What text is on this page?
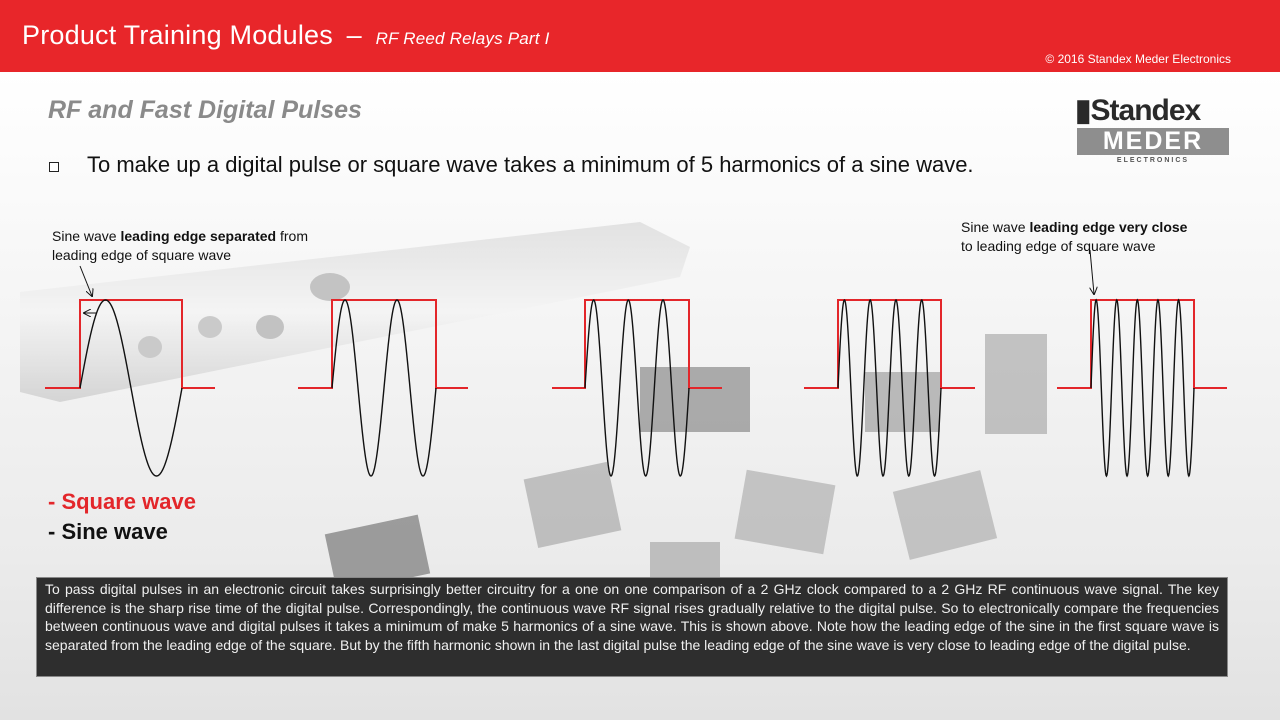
Product Training Modules – RF Reed Relays Part I
© 2016 Standex Meder Electronics
RF and Fast Digital Pulses
To make up a digital pulse or square wave takes a minimum of 5 harmonics of a sine wave.
▮Standex
MEDER
ELECTRONICS
Sine wave leading edge separated from
leading edge of square wave
Sine wave leading edge very close
to leading edge of square wave
- Square wave
- Sine wave
To pass digital pulses in an electronic circuit takes surprisingly better circuitry for a one on one comparison of a 2 GHz clock compared to a 2 GHz RF continuous wave signal. The key difference is the sharp rise time of the digital pulse. Correspondingly, the continuous wave RF signal rises gradually relative to the digital pulse. So to electronically compare the frequencies between continuous wave and digital pulses it takes a minimum of make 5 harmonics of a sine wave. This is shown above. Note how the leading edge of the sine in the first square wave is separated from the leading edge of the square. But by the fifth harmonic shown in the last digital pulse the leading edge of the sine wave is very close to leading edge of the digital pulse.
